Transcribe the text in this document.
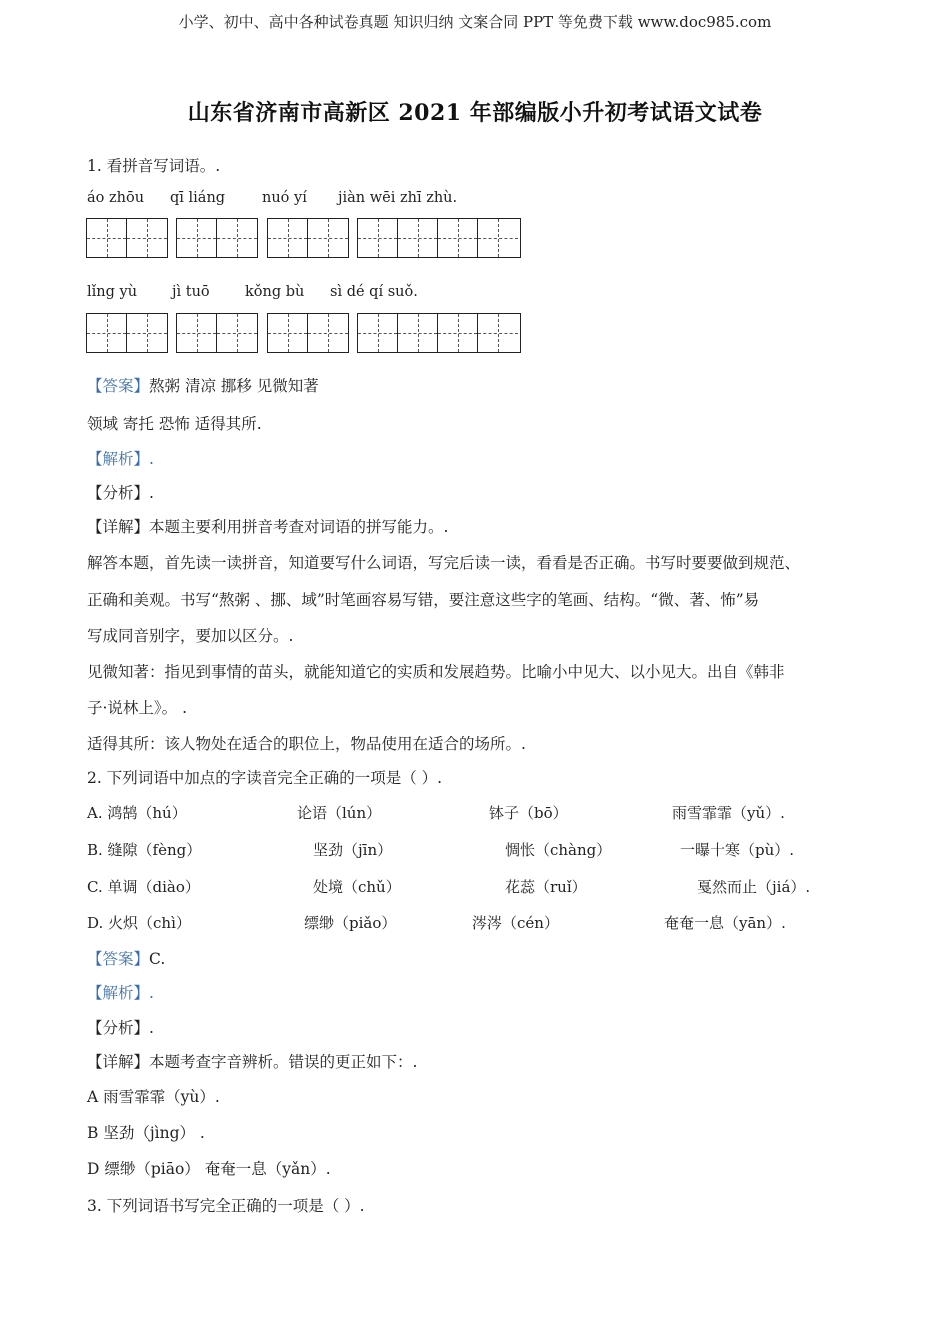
小学、初中、高中各种试卷真题 知识归纳 文案合同 PPT 等免费下载 www.doc985.com
山东省济南市高新区 2021 年部编版小升初考试语文试卷
1. 看拼音写词语。.
áo zhōu qī liáng	nuó yí jiàn wēi zhī zhù.
lǐng yù jì tuō kǒng bù sì dé qí suǒ.
【答案】熬粥 清凉 挪移 见微知著
领域 寄托 恐怖 适得其所.
【解析】.
【分析】.
【详解】本题主要利用拼音考查对词语的拼写能力。.
解答本题，首先读一读拼音，知道要写什么词语，写完后读一读，看看是否正确。书写时要要做到规范、
正确和美观。书写“熬粥 、挪、域”时笔画容易写错，要注意这些字的笔画、结构。“微、著、怖”易
写成同音别字，要加以区分。.
见微知著：指见到事情的苗头，就能知道它的实质和发展趋势。比喻小中见大、以小见大。出自《韩非
子·说林上》。 .
适得其所：该人物处在适合的职位上，物品使用在适合的场所。.
2. 下列词语中加点的字读音完全正确的一项是（ ）.
A. 鸿鹄（hú）	论语（lún）	钵子（bō）	雨雪霏霏（yǔ）.
B. 缝隙（fèng）	坚劲（jīn）	惆怅（chàng）	一曝十寒（pù）.
C. 单调（diào）	处境（chǔ）	花蕊（ruǐ）	戛然而止（jiá）.
D. 火炽（chì）	缥缈（piǎo）	涔涔（cén）	奄奄一息（yān）.
【答案】C.
【解析】.
【分析】.
【详解】本题考查字音辨析。错误的更正如下：.
A 雨雪霏霏（yù）.
B 坚劲（jìng） .
D 缥缈（piāo） 奄奄一息（yǎn）.
3. 下列词语书写完全正确的一项是（ ）.
